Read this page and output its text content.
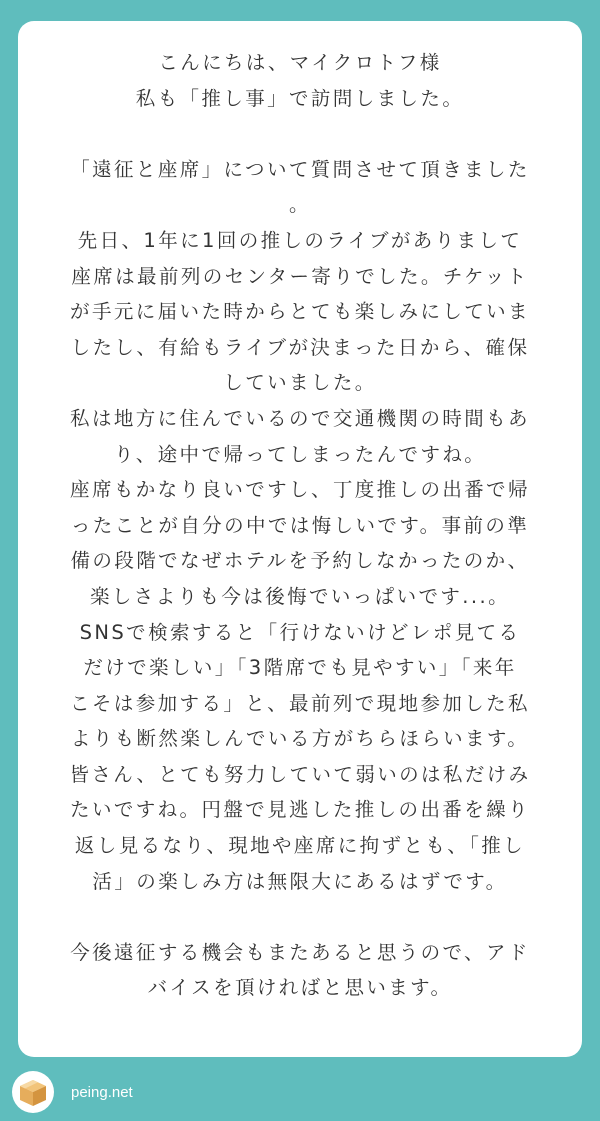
こんにちは、マイクロトフ様
私も「推し事」で訪問しました。
「遠征と座席」について質問させて頂きました
。
先日、1年に1回の推しのライブがありまして
座席は最前列のセンター寄りでした。チケット
が手元に届いた時からとても楽しみにしていま
したし、有給もライブが決まった日から、確保
していました。
私は地方に住んでいるので交通機関の時間もあ
り、途中で帰ってしまったんですね。
座席もかなり良いですし、丁度推しの出番で帰
ったことが自分の中では悔しいです。事前の準
備の段階でなぜホテルを予約しなかったのか、
楽しさよりも今は後悔でいっぱいです...。
SNSで検索すると「行けないけどレポ見てる
だけで楽しい」「3階席でも見やすい」「来年
こそは参加する」と、最前列で現地参加した私
よりも断然楽しんでいる方がちらほらいます。
皆さん、とても努力していて弱いのは私だけみ
たいですね。円盤で見逃した推しの出番を繰り
返し見るなり、現地や座席に拘ずとも、「推し
活」の楽しみ方は無限大にあるはずです。
今後遠征する機会もまたあると思うので、アド
バイスを頂ければと思います。

peing.net
